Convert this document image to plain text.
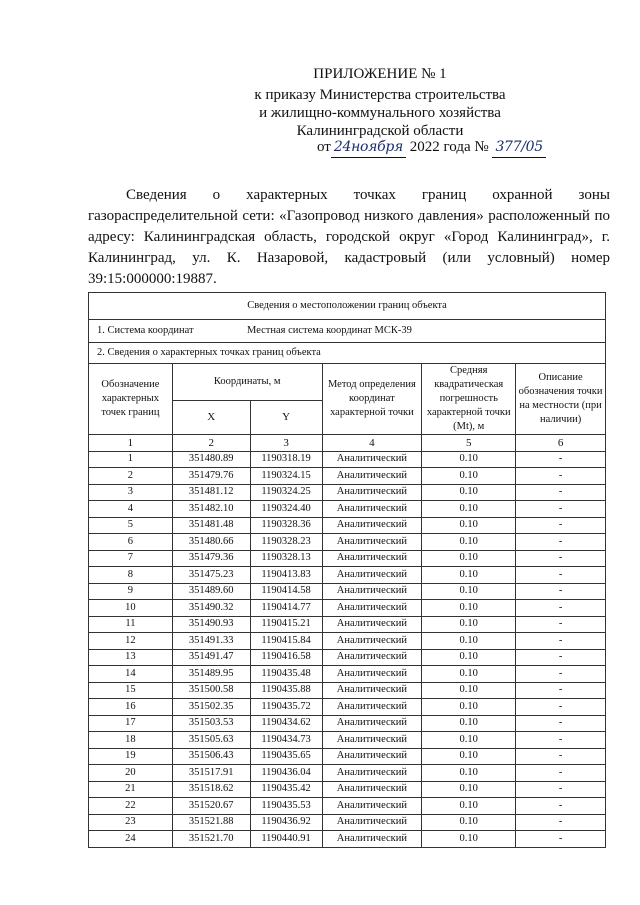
ПРИЛОЖЕНИЕ № 1
к приказу Министерства строительства
и жилищно-коммунального хозяйства
Калининградской области
от 24ноября 2022 года № 377/05
Сведения о характерных точках границ охранной зоны газораспределительной сети: «Газопровод низкого давления» расположенный по адресу: Калининградская область, городской округ «Город Калининград», г. Калининград, ул. К. Назаровой, кадастровый (или условный) номер 39:15:000000:19887.
Сведения о местоположении границ объекта					
1. Система координат Местная система координат МСК-39					
2. Сведения о характерных точках границ объекта					
Обозначение характерных точек границ	Координаты, м		Метод определения координат характерной точки	Средняя квадратическая погрешность характерной точки (Mt), м	Описание обозначения точки на местности (при наличии)
	X	Y			
1	2	3	4	5	6
1	351480.89	1190318.19	Аналитический	0.10	-
2	351479.76	1190324.15	Аналитический	0.10	-
3	351481.12	1190324.25	Аналитический	0.10	-
4	351482.10	1190324.40	Аналитический	0.10	-
5	351481.48	1190328.36	Аналитический	0.10	-
6	351480.66	1190328.23	Аналитический	0.10	-
7	351479.36	1190328.13	Аналитический	0.10	-
8	351475.23	1190413.83	Аналитический	0.10	-
9	351489.60	1190414.58	Аналитический	0.10	-
10	351490.32	1190414.77	Аналитический	0.10	-
11	351490.93	1190415.21	Аналитический	0.10	-
12	351491.33	1190415.84	Аналитический	0.10	-
13	351491.47	1190416.58	Аналитический	0.10	-
14	351489.95	1190435.48	Аналитический	0.10	-
15	351500.58	1190435.88	Аналитический	0.10	-
16	351502.35	1190435.72	Аналитический	0.10	-
17	351503.53	1190434.62	Аналитический	0.10	-
18	351505.63	1190434.73	Аналитический	0.10	-
19	351506.43	1190435.65	Аналитический	0.10	-
20	351517.91	1190436.04	Аналитический	0.10	-
21	351518.62	1190435.42	Аналитический	0.10	-
22	351520.67	1190435.53	Аналитический	0.10	-
23	351521.88	1190436.92	Аналитический	0.10	-
24	351521.70	1190440.91	Аналитический	0.10	-
